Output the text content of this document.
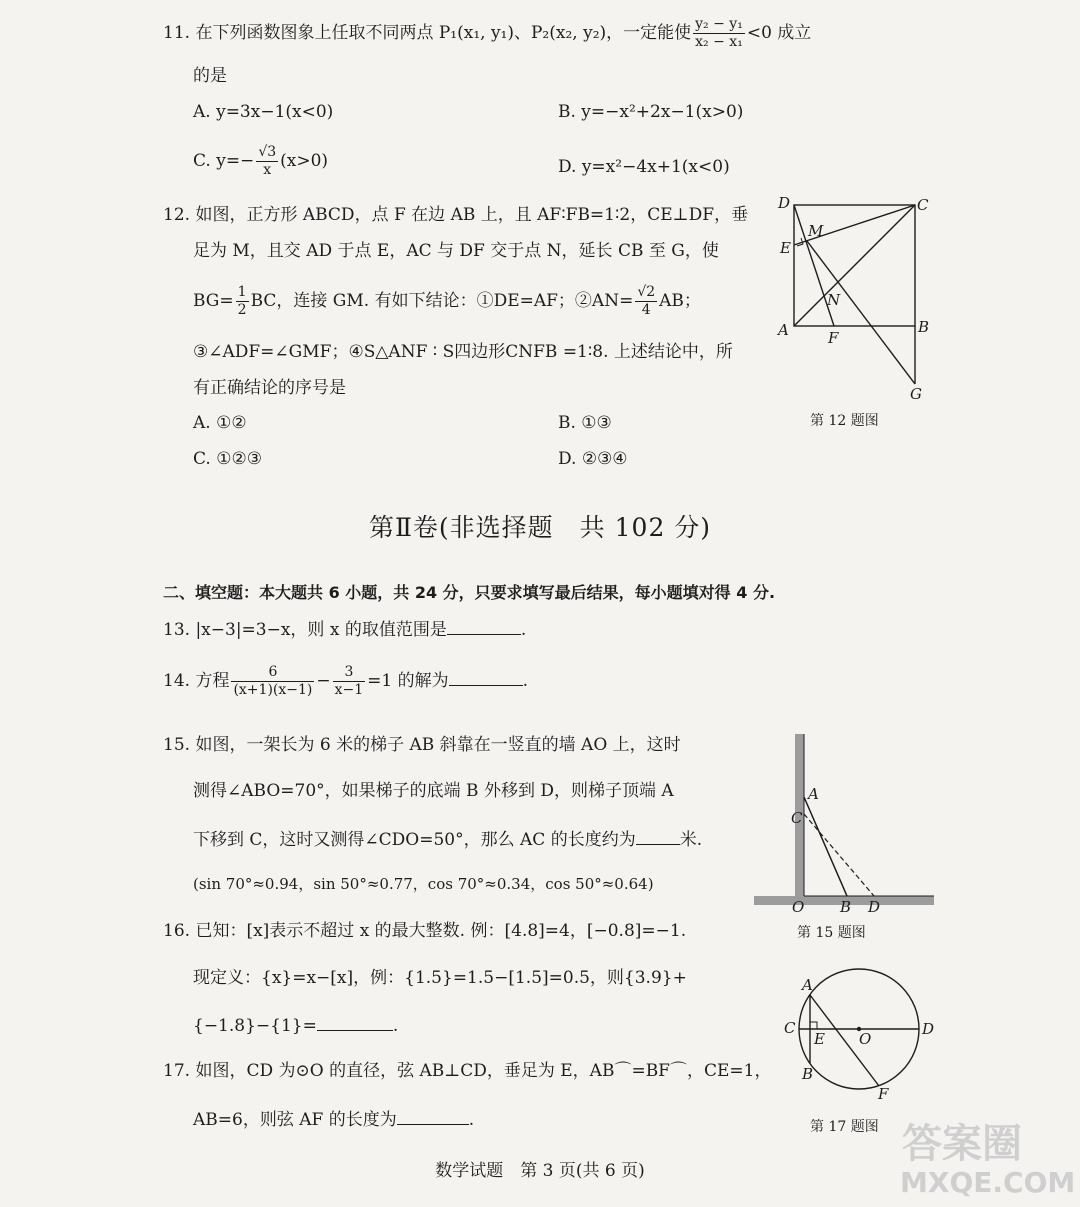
11. 在下列函数图象上任取不同两点 P₁(x₁, y₁)、P₂(x₂, y₂)，一定能使 $\frac{\text{y₂ − y₁}}{\text{x₂ − x₁}} <0$ 成立
的是
A. y=3x−1(x<0)	B. y=−x²+2x−1(x>0)
C. $y=- \frac{√3}{x} (x>0)$	D. y=x²−4x+1(x<0)
12. 如图，正方形 ABCD，点 F 在边 AB 上，且 AF∶FB=1∶2，CE⊥DF，垂
足为 M，且交 AD 于点 E，AC 与 DF 交于点 N，延长 CB 至 G，使
$BG= \frac{1}{2}$ BC，连接 GM. 有如下结论：①DE=AF；②AN= $\frac{√2}{4}$ AB；
③∠ADF=∠GMF；④S△ANF ∶ S四边形CNFB =1∶8. 上述结论中，所
有正确结论的序号是
A. ①②	B. ①③
C. ①②③	D. ②③④
D	C
M
E
N
A	F
B
G
第 12 题图
第Ⅱ卷(非选择题　共 102 分)
二、填空题：本大题共 6 小题，共 24 分，只要求填写最后结果，每小题填对得 4 分.
13. |x−3|=3−x，则 x 的取值范围是	.
14. 方程 $\frac{6}{(x+1)(x-1)} - \frac{3}{x-1} =1$ 的解为	.
15. 如图，一架长为 6 米的梯子 AB 斜靠在一竖直的墙 AO 上，这时
测得∠ABO=70°，如果梯子的底端 B 外移到 D，则梯子顶端 A
下移到 C，这时又测得∠CDO=50°，那么 AC 的长度约为	米.
(sin 70°≈0.94，sin 50°≈0.77，cos 70°≈0.34，cos 50°≈0.64)
A
C
O B D
第 15 题图
16. 已知：[x]表示不超过 x 的最大整数. 例：[4.8]=4，[−0.8]=−1.
现定义：{x}=x−[x]，例：{1.5}=1.5−[1.5]=0.5，则{3.9}+
{−1.8}−{1}=	.
17. 如图，CD 为⊙O 的直径，弦 AB⊥CD，垂足为 E，AB⌒=BF⌒，CE=1，
AB=6，则弦 AF 的长度为	.
A
C
E O
D
B
F
第 17 题图
数学试题　第 3 页(共 6 页)
答案圈
MXQE.COM
